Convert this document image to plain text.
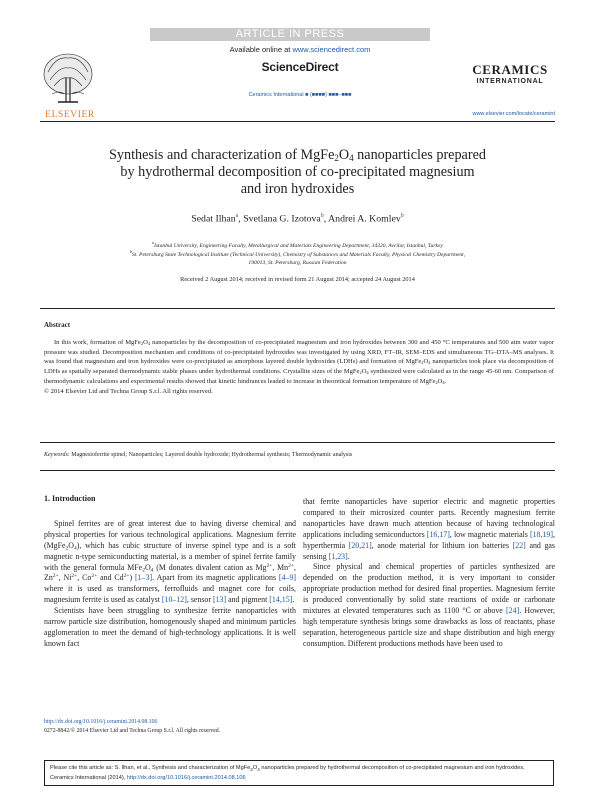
ARTICLE IN PRESS
ELSEVIER
Available online at www.sciencedirect.com
ScienceDirect
Ceramics International ■ (■■■■) ■■■–■■■
CERAMICS
INTERNATIONAL
www.elsevier.com/locate/ceramint
Synthesis and characterization of $MgFe_2O_4$ nanoparticles prepared
by hydrothermal decomposition of co-precipitated magnesium
and iron hydroxides
Sedat Ilhan$^a$, Svetlana G. Izotova$^b$, Andrei A. Komlev$^b$
$^a$Istanbul University, Engineering Faculty, Metallurgical and Materials Engineering Department, 34320, Avcilar, Istanbul, Turkey
$^b$St. Petersburg State Technological Institute (Technical University), Chemistry of Substances and Materials Faculty, Physical Chemistry Department,
190013, St. Petersburg, Russian Federation
Received 2 August 2014; received in revised form 21 August 2014; accepted 24 August 2014
Abstract

In this work, formation of $MgFe_2O_4$ nanoparticles by the decomposition of co-precipitated magnesium and iron hydroxides between 300 and 450 °C temperatures and 500 atm water vapor pressure was studied. Decomposition mechanism and conditions of co-precipitated hydroxides was investigated by using XRD, FT–IR, SEM–EDS and simultaneous TG–DTA–MS analyses. It was found that magnesium and iron hydroxides were co-precipitated as amorphous layered double hydroxides (LDHs) and formation of $MgFe_2O_4$ nanoparticles took place via decomposition of LDHs as spatially separated thermodynamic stable phases under hydrothermal conditions. Crystallite sizes of the $MgFe_2O_4$ synthesized were calculated as in the range 45-60 nm. Comparison of thermodynamic calculations and experimental results showed that kinetic hindrances leaded to increase in theoretical formation temperature of $MgFe_2O_4$.

© 2014 Elsevier Ltd and Techna Group S.r.l. All rights reserved.

Keywords: Magnesioferrite spinel; Nanoparticles; Layered double hydroxide; Hydrothermal synthesis; Thermodynamic analysis
1. Introduction

Spinel ferrites are of great interest due to having diverse chemical and physical properties for various technological applications. Magnesium ferrite $(MgFe_2O_4)$, which has cubic structure of inverse spinel type and is a soft magnetic n-type semiconducting material, is a member of spinel ferrite family with the general formula $MFe_2O_4$ (M donates divalent cation as $Mg^{2+}$, $Mn^{2+}$, $Zn^{2+}$, $Ni^{2+}$, $Co^{2+}$ and $Cd^{2+}$) [1–3]. Apart from its magnetic applications [4–9] where it is used as transformers, ferrofluids and magnet core for coils, magnesium ferrite is used as catalyst [10–12], sensor [13] and pigment [14,15].

Scientists have been struggling to synthesize ferrite nanoparticles with narrow particle size distribution, homogenously shaped and minimum particles agglomeration to meet the demand of high-technology applications. It is well known fact

that ferrite nanoparticles have superior electric and magnetic properties compared to their microsized counter parts. Recently magnesium ferrite nanoparticles have drawn much attention because of having technological applications including semiconductors [16,17], low magnetic materials [18,19], hyperthermia [20,21], anode material for lithium ion batteries [22] and gas sensing [1,23].

Since physical and chemical properties of particles synthesized are depended on the production method, it is very important to consider appropriate production method for desired final properties. Magnesium ferrite is produced conventionally by solid state reactions of oxide or carbonate mixtures at elevated temperatures such as 1100 °C or above [24]. However, high temperature synthesis brings some drawbacks as loss of reactants, phase separation, heterogeneous particle size and shape distribution and high energy consumption. Different productions methods have been used to

http://dx.doi.org/10.1016/j.ceramint.2014.08.106
0272-8842/© 2014 Elsevier Ltd and Techna Group S.r.l. All rights reserved.
Please cite this article as: S. Ilhan, et al., Synthesis and characterization of $MgFe_2O_4$ nanoparticles prepared by hydrothermal decomposition of co-precipitated magnesium and iron hydroxides, Ceramics International (2014), http://dx.doi.org/10.1016/j.ceramint.2014.08.106
